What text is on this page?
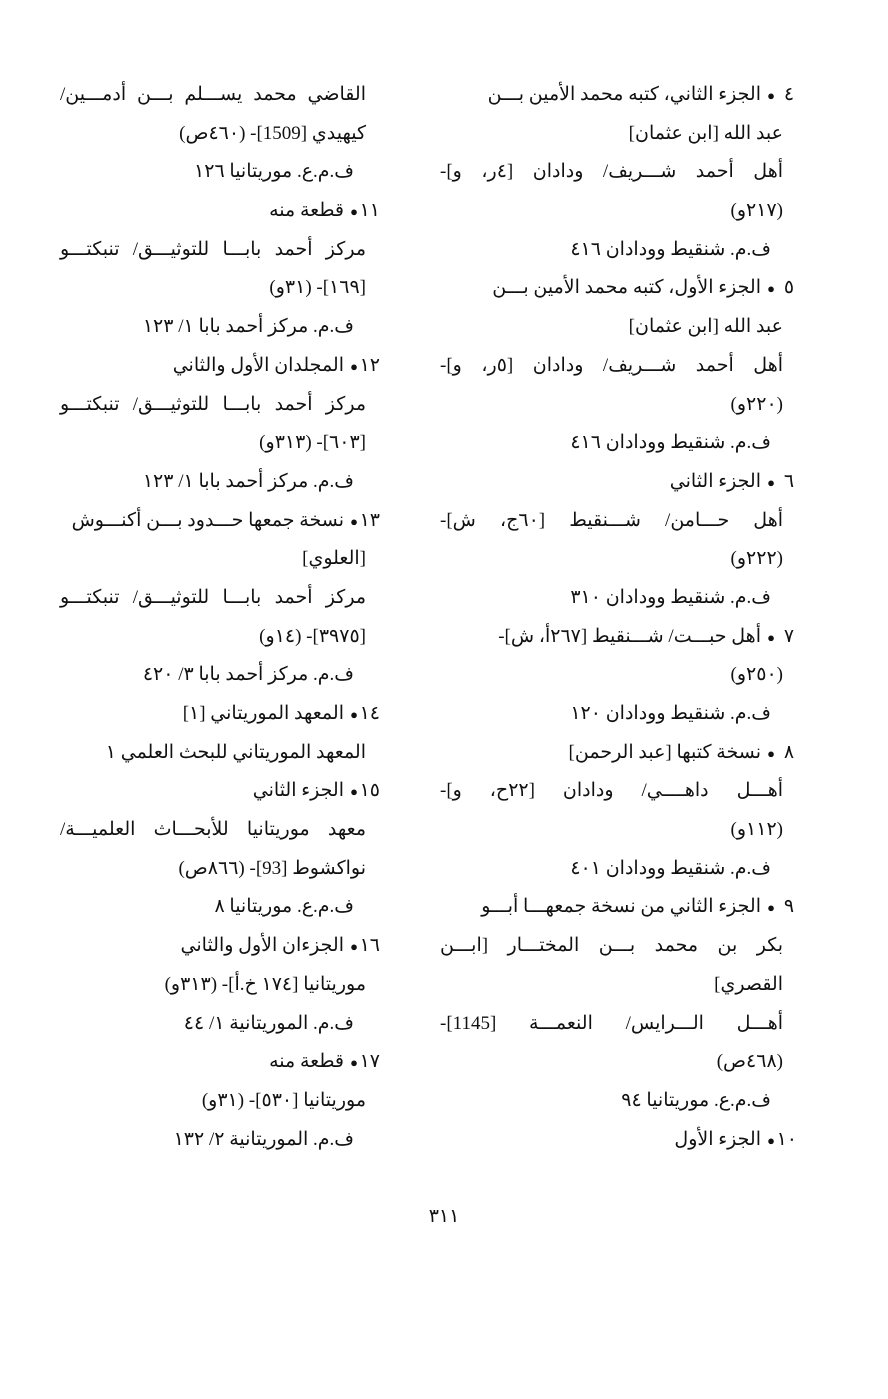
٤●الجزء الثاني، كتبه محمد الأمين بـــن
عبد الله [ابن عثمان]
أهل أحمد شـــريف/ ودادان [٤ر، و]-
(٢١٧و)
ف.م. شنقيط وودادان ٤١٦
٥●الجزء الأول، كتبه محمد الأمين بـــن
عبد الله [ابن عثمان]
أهل أحمد شـــريف/ ودادان [٥ر، و]-
(٢٢٠و)
ف.م. شنقيط وودادان ٤١٦
٦●الجزء الثاني
أهل حـــامن/ شـــنقيط [٦٠ج، ش]-
(٢٢٢و)
ف.م. شنقيط وودادان ٣١٠
٧●أهل حبـــت/ شـــنقيط [٢٦٧أ، ش]-
(٢٥٠و)
ف.م. شنقيط وودادان ١٢٠
٨●نسخة كتبها [عبد الرحمن]
أهـــل داهــــي/ ودادان [٢٢ح، و]-
(١١٢و)
ف.م. شنقيط وودادان ٤٠١
٩●الجزء الثاني من نسخة جمعهـــا أبـــو
بكر بن محمد بـــن المختـــار [ابـــن
القصري]
أهـــل الـــرايس/ النعمـــة [1145]-
(٤٦٨ص)
ف.م.ع. موريتانيا ٩٤
١٠●الجزء الأول
القاضي محمد يســـلم بـــن أدمـــين/
كيهيدي [1509]- (٤٦٠ص)
ف.م.ع. موريتانيا ١٢٦
١١●قطعة منه
مركز أحمد بابـــا للتوثيـــق/ تنبكتـــو
[١٦٩]- (٣١و)
ف.م. مركز أحمد بابا ١/ ١٢٣
١٢●المجلدان الأول والثاني
مركز أحمد بابـــا للتوثيـــق/ تنبكتـــو
[٦٠٣]- (٣١٣و)
ف.م. مركز أحمد بابا ١/ ١٢٣
١٣●نسخة جمعها حـــدود بـــن أكنـــوش
[العلوي]
مركز أحمد بابـــا للتوثيـــق/ تنبكتـــو
[٣٩٧٥]- (١٤و)
ف.م. مركز أحمد بابا ٣/ ٤٢٠
١٤●المعهد الموريتاني [١]
المعهد الموريتاني للبحث العلمي ١
١٥●الجزء الثاني
معهد موريتانيا للأبحـــاث العلميـــة/
نواكشوط [93]- (٨٦٦ص)
ف.م.ع. موريتانيا ٨
١٦●الجزءان الأول والثاني
موريتانيا [١٧٤ خ.أ]- (٣١٣و)
ف.م. الموريتانية ١/ ٤٤
١٧●قطعة منه
موريتانيا [٥٣٠]- (٣١و)
ف.م. الموريتانية ٢/ ١٣٢
٣١١
